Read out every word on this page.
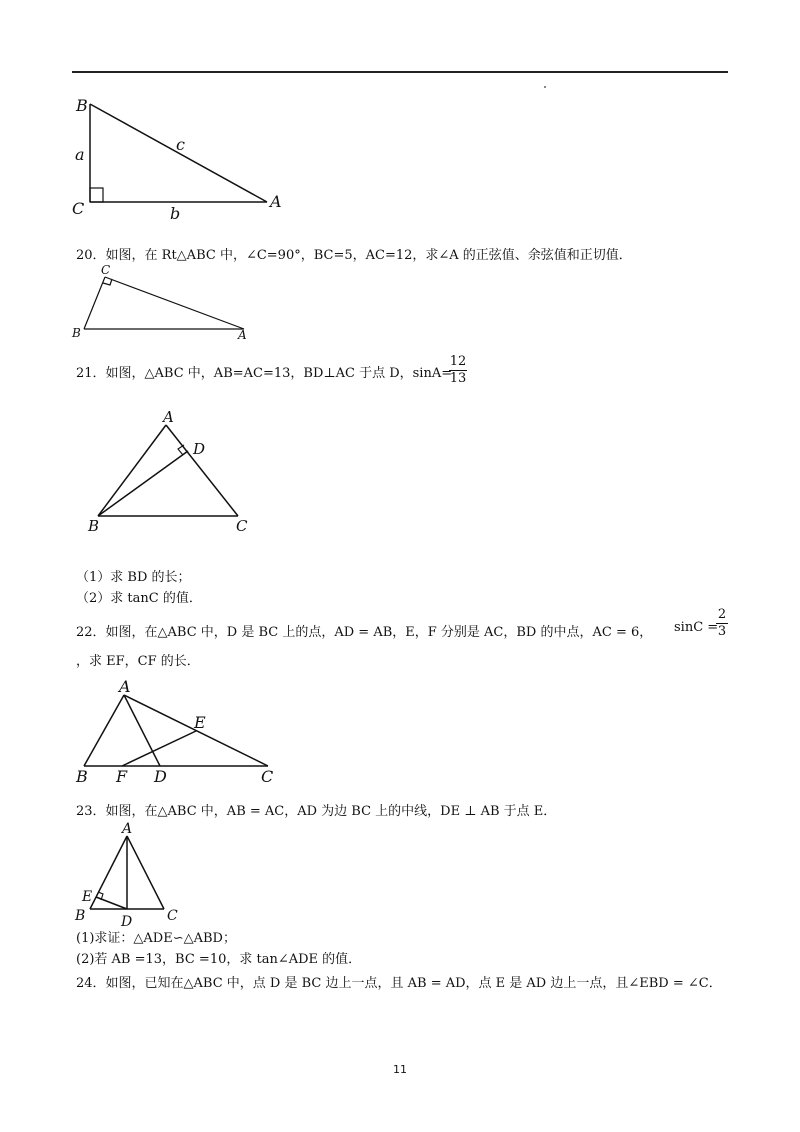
B
C	A
a
b
c
20．如图，在 Rt△ABC 中，∠C=90°，BC=5，AC=12，求∠A 的正弦值、余弦值和正切值．
C
B	A
21．如图，△ABC 中，AB=AC=13，BD⊥AC 于点 D，sinA=
$\frac{12}{13}$
A
D
B	C
（1）求 BD 的长；
（2）求 tanC 的值．
22．如图，在△ABC 中，D 是 BC 上的点，AD = AB，E，F 分别是 AC，BD 的中点，AC = 6， sinC =
$\frac{2}{3}$
，求 EF，CF 的长．
A
E
B F D	C
23．如图，在△ABC 中，AB = AC，AD 为边 BC 上的中线，DE ⊥ AB 于点 E．
A
E
B	D C
(1)求证：△ADE∽△ABD；
(2)若 AB =13，BC =10，求 tan∠ADE 的值．
24．如图，已知在△ABC 中，点 D 是 BC 边上一点，且 AB = AD，点 E 是 AD 边上一点，且∠EBD = ∠C．
11
